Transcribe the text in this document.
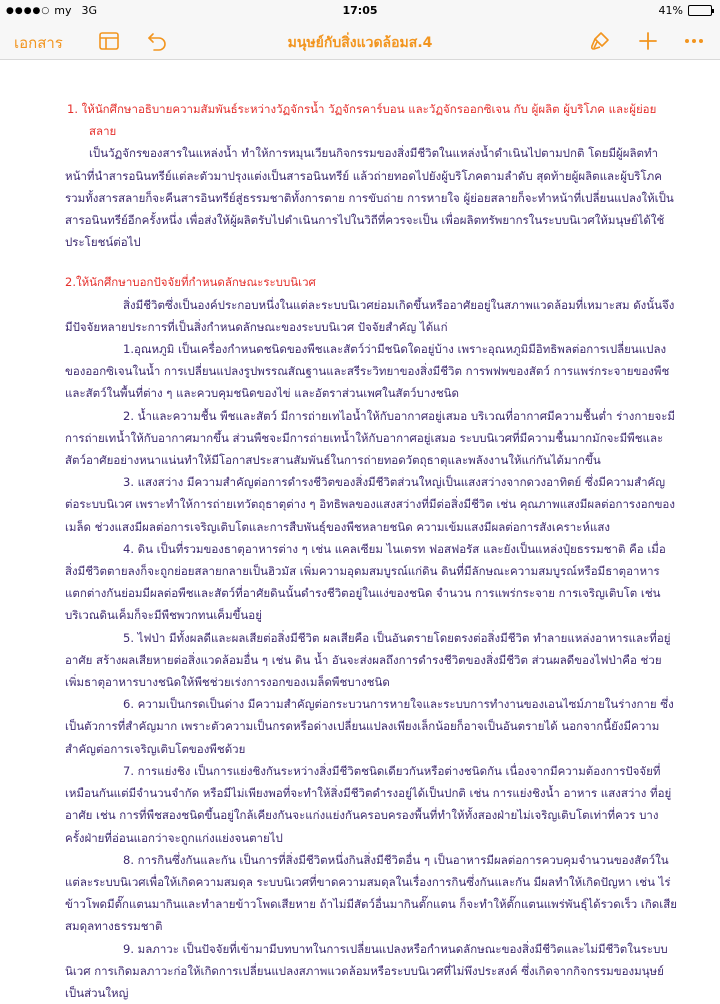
●●●●○ my 3G	17:05	41%
เอกสาร	มนุษย์กับสิ่งแวดล้อมส.4

1. ให้นักศึกษาอธิบายความสัมพันธ์ระหว่างวัฏจักรน้ำ วัฏจักรคาร์บอน และวัฏจักรออกซิเจน กับ ผู้ผลิต ผู้บริโภค และผู้ย่อยสลาย

เป็นวัฏจักรของสารในแหล่งน้ำ ทำให้การหมุนเวียนกิจกรรมของสิ่งมีชีวิตในแหล่งน้ำดำเนินไปตามปกติ โดยมีผู้ผลิตทำหน้าที่นำสารอนินทรีย์แต่ละตัวมาปรุงแต่งเป็นสารอนินทรีย์ แล้วถ่ายทอดไปยังผู้บริโภคตามลำดับ สุดท้ายผู้ผลิตและผู้บริโภค รวมทั้งสารสลายก็จะคืนสารอินทรีย์สู่ธรรมชาติทั้งการตาย การขับถ่าย การหายใจ ผู้ย่อยสลายก็จะทำหน้าที่เปลี่ยนแปลงให้เป็นสารอนินทรีย์อีกครั้งหนึ่ง เพื่อส่งให้ผู้ผลิตรับไปดำเนินการไปในวิถีที่ควรจะเป็น เพื่อผลิตทรัพยากรในระบบนิเวศให้มนุษย์ได้ใช้ประโยชน์ต่อไป

2.ให้นักศึกษาบอกปัจจัยที่กำหนดลักษณะระบบนิเวศ

สิ่งมีชีวิตซึ่งเป็นองค์ประกอบหนึ่งในแต่ละระบบนิเวศย่อมเกิดขึ้นหรืออาศัยอยู่ในสภาพแวดล้อมที่เหมาะสม ดังนั้นจึงมีปัจจัยหลายประการที่เป็นสิ่งกำหนดลักษณะของระบบนิเวศ ปัจจัยสำคัญ ได้แก่

1.อุณหภูมิ เป็นเครื่องกำหนดชนิดของพืชและสัตว์ว่ามีชนิดใดอยู่บ้าง เพราะอุณหภูมิมีอิทธิพลต่อการเปลี่ยนแปลงของออกซิเจนในน้ำ การเปลี่ยนแปลงรูปพรรณสัณฐานและสรีระวิทยาของสิ่งมีชีวิต การพฟพของสัตว์ การแพร่กระจายของพืชและสัตว์ในพื้นที่ต่าง ๆ และควบคุมชนิดของไข่ และอัตราส่วนเพศในสัตว์บางชนิด

2. น้ำและความชื้น พืชและสัตว์ มีการถ่ายเทไอน้ำให้กับอากาศอยู่เสมอ บริเวณที่อากาศมีความชื้นต่ำ ร่างกายจะมีการถ่ายเทน้ำให้กับอากาศมากขึ้น ส่วนพืชจะมีการถ่ายเทน้ำให้กับอากาศอยู่เสมอ ระบบนิเวศที่มีความชื้นมากมักจะมีพืชและสัตว์อาศัยอย่างหนาแน่นทำให้มีโอกาสประสานสัมพันธ์ในการถ่ายทอดวัตถุธาตุและพลังงานให้แก่กันได้มากขึ้น

3. แสงสว่าง มีความสำคัญต่อการดำรงชีวิตของสิ่งมีชีวิตส่วนใหญ่เป็นแสงสว่างจากดวงอาทิตย์ ซึ่งมีความสำคัญต่อระบบนิเวศ เพราะทำให้การถ่ายเทวัตถุธาตุต่าง ๆ อิทธิพลของแสงสว่างที่มีต่อสิ่งมีชีวิต เช่น คุณภาพแสงมีผลต่อการงอกของเมล็ด ช่วงแสงมีผลต่อการเจริญเติบโตและการสืบพันธุ์ของพืชหลายชนิด ความเข้มแสงมีผลต่อการสังเคราะห์แสง

4. ดิน เป็นที่รวมของธาตุอาหารต่าง ๆ เช่น แคลเซียม ไนเตรท ฟอสฟอรัส และยังเป็นแหล่งปุ๋ยธรรมชาติ คือ เมื่อสิ่งมีชีวิตตายลงก็จะถูกย่อยสลายกลายเป็นฮิวมัส เพิ่มความอุดมสมบูรณ์แก่ดิน ดินที่มีลักษณะความสมบูรณ์หรือมีธาตุอาหารแตกต่างกันย่อมมีผลต่อพืชและสัตว์ที่อาศัยดินนั้นดำรงชีวิตอยู่ในแง่ของชนิด จำนวน การแพร่กระจาย การเจริญเติบโต เช่น บริเวณดินเค็มก็จะมีพืชพวกทนเค็มขึ้นอยู่

5. ไฟป่า มีทั้งผลดีและผลเสียต่อสิ่งมีชีวิต ผลเสียคือ เป็นอันตรายโดยตรงต่อสิ่งมีชีวิต ทำลายแหล่งอาหารและที่อยู่อาศัย สร้างผลเสียหายต่อสิ่งแวดล้อมอื่น ๆ เช่น ดิน น้ำ อันจะส่งผลถึงการดำรงชีวิตของสิ่งมีชีวิต ส่วนผลดีของไฟป่าคือ ช่วยเพิ่มธาตุอาหารบางชนิดให้พืชช่วยเร่งการงอกของเมล็ดพืชบางชนิด

6. ความเป็นกรดเป็นด่าง มีความสำคัญต่อกระบวนการหายใจและระบบการทำงานของเอนไซม์ภายในร่างกาย ซึ่งเป็นตัวการที่สำคัญมาก เพราะตัวความเป็นกรดหรือด่างเปลี่ยนแปลงเพียงเล็กน้อยก็อาจเป็นอันตรายได้ นอกจากนี้ยังมีความ สำคัญต่อการเจริญเติบโตของพืชด้วย

7. การแย่งชิง เป็นการแย่งชิงกันระหว่างสิ่งมีชีวิตชนิดเดียวกันหรือต่างชนิดกัน เนื่องจากมีความต้องการปัจจัยที่เหมือนกันแต่มีจำนวนจำกัด หรือมีไม่เพียงพอที่จะทำให้สิ่งมีชีวิตดำรงอยู่ได้เป็นปกติ เช่น การแย่งชิงน้ำ อาหาร แสงสว่าง ที่อยู่อาศัย เช่น การที่พืชสองชนิดขึ้นอยู่ใกล้เคียงกันจะแก่งแย่งกันครอบครองพื้นที่ทำให้ทั้งสองฝ่ายไม่เจริญเติบโตเท่าที่ควร บางครั้งฝ่ายที่อ่อนแอกว่าจะถูกแก่งแย่งจนตายไป

8. การกินซึ่งกันและกัน เป็นการที่สิ่งมีชีวิตหนึ่งกินสิ่งมีชีวิตอื่น ๆ เป็นอาหารมีผลต่อการควบคุมจำนวนของสัตว์ในแต่ละระบบนิเวศเพื่อให้เกิดความสมดุล ระบบนิเวศที่ขาดความสมดุลในเรื่องการกินซึ่งกันและกัน มีผลทำให้เกิดปัญหา เช่น ไร่ข้าวโพดมีตั๊กแตนมากินและทำลายข้าวโพดเสียหาย ถ้าไม่มีสัตว์อื่นมากินตั๊กแตน ก็จะทำให้ตั๊กแตนแพร่พันธุ์ได้รวดเร็ว เกิดเสียสมดุลทางธรรมชาติ

9. มลภาวะ เป็นปัจจัยที่เข้ามามีบทบาทในการเปลี่ยนแปลงหรือกำหนดลักษณะของสิ่งมีชีวิตและไม่มีชีวิตในระบบนิเวศ การเกิดมลภาวะก่อให้เกิดการเปลี่ยนแปลงสภาพแวดล้อมหรือระบบนิเวศที่ไม่พึงประสงค์ ซึ่งเกิดจากกิจกรรมของมนุษย์เป็นส่วนใหญ่
